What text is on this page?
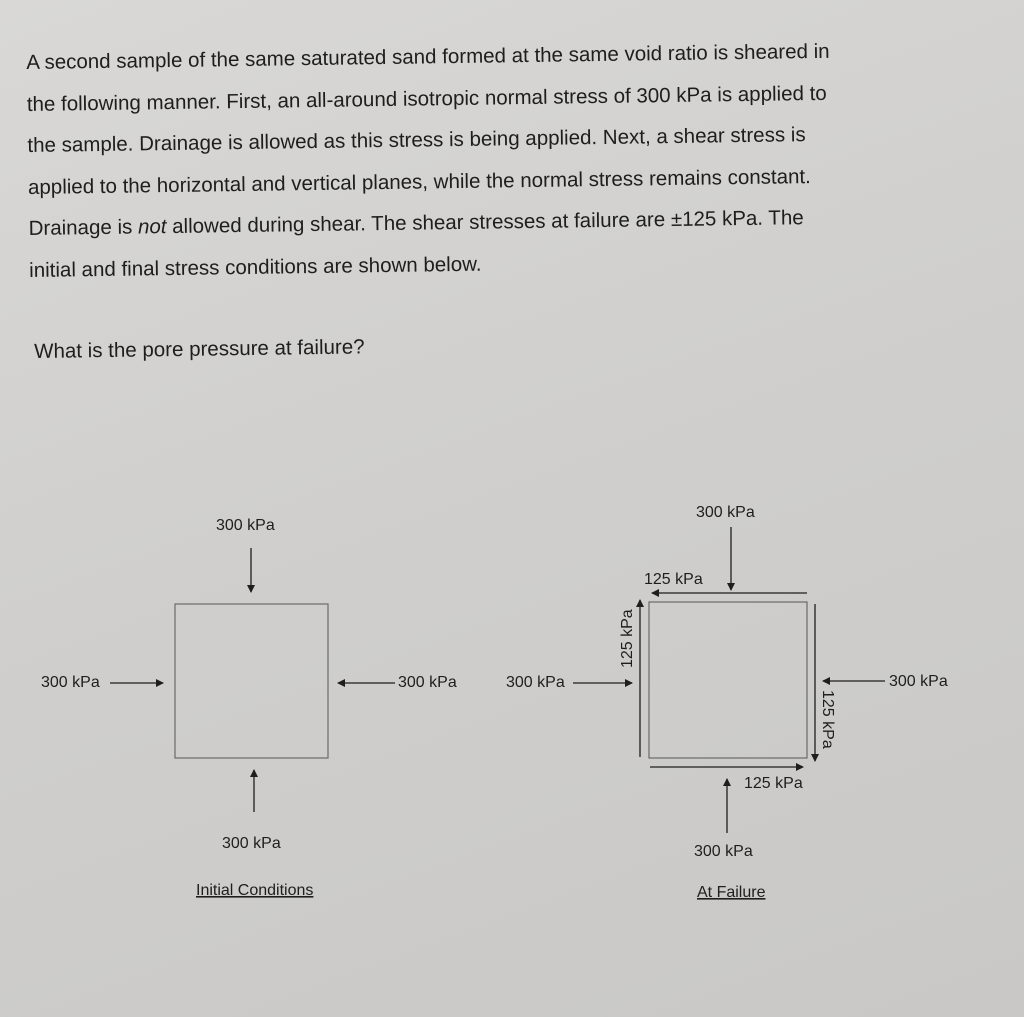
A second sample of the same saturated sand formed at the same void ratio is sheared in

the following manner. First, an all-around isotropic normal stress of 300 kPa is applied to

the sample. Drainage is allowed as this stress is being applied. Next, a shear stress is

applied to the horizontal and vertical planes, while the normal stress remains constant.

Drainage is not allowed during shear. The shear stresses at failure are ±125 kPa. The

initial and final stress conditions are shown below.

What is the pore pressure at failure?
300 kPa
300 kPa
300 kPa	300 kPa
Initial Conditions
300 kPa
125 kPa
125 kPa
300 kPa
125 kPa
300 kPa
125 kPa
300 kPa
At Failure
